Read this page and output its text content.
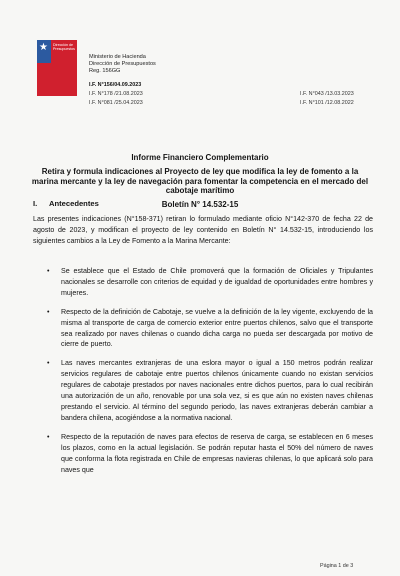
★	Dirección de Presupuestos
Ministerio de Hacienda
Dirección de Presupuestos
Reg. 156GG
I.F. N°156/04.09.2023
I.F. N°178 /21.08.2023
I.F. N°081 /25.04.2023
I.F. N°043 /13.03.2023
I.F. N°101 /12.08.2022
Informe Financiero Complementario
Retira y formula indicaciones al Proyecto de ley que modifica la ley de fomento a la marina mercante y la ley de navegación para fomentar la competencia en el mercado del cabotaje marítimo
Boletín N° 14.532-15
I. Antecedentes
Las presentes indicaciones (N°158-371) retiran lo formulado mediante oficio N°142-370 de fecha 22 de agosto de 2023, y modifican el proyecto de ley contenido en Boletín N° 14.532-15, introduciendo los siguientes cambios a la Ley de Fomento a la Marina Mercante:
• Se establece que el Estado de Chile promoverá que la formación de Oficiales y Tripulantes nacionales se desarrolle con criterios de equidad y de igualdad de oportunidades entre hombres y mujeres.
• Respecto de la definición de Cabotaje, se vuelve a la definición de la ley vigente, excluyendo de la misma al transporte de carga de comercio exterior entre puertos chilenos, salvo que el transporte sea realizado por naves chilenas o cuando dicha carga no pueda ser descargada por motivo de cierre de puerto.
• Las naves mercantes extranjeras de una eslora mayor o igual a 150 metros podrán realizar servicios regulares de cabotaje entre puertos chilenos únicamente cuando no existan servicios regulares de cabotaje prestados por naves nacionales entre dichos puertos, para lo cual recibirán una autorización de un año, renovable por una sola vez, si es que aún no existen naves chilenas prestando el servicio. Al término del segundo periodo, las naves extranjeras deberán cambiar a bandera chilena, acogiéndose a la normativa nacional.
• Respecto de la reputación de naves para efectos de reserva de carga, se establecen en 6 meses los plazos, como en la actual legislación. Se podrán reputar hasta el 50% del número de naves que conforma la flota registrada en Chile de empresas navieras chilenas, lo que aplicará solo para naves que
Página 1 de 3
